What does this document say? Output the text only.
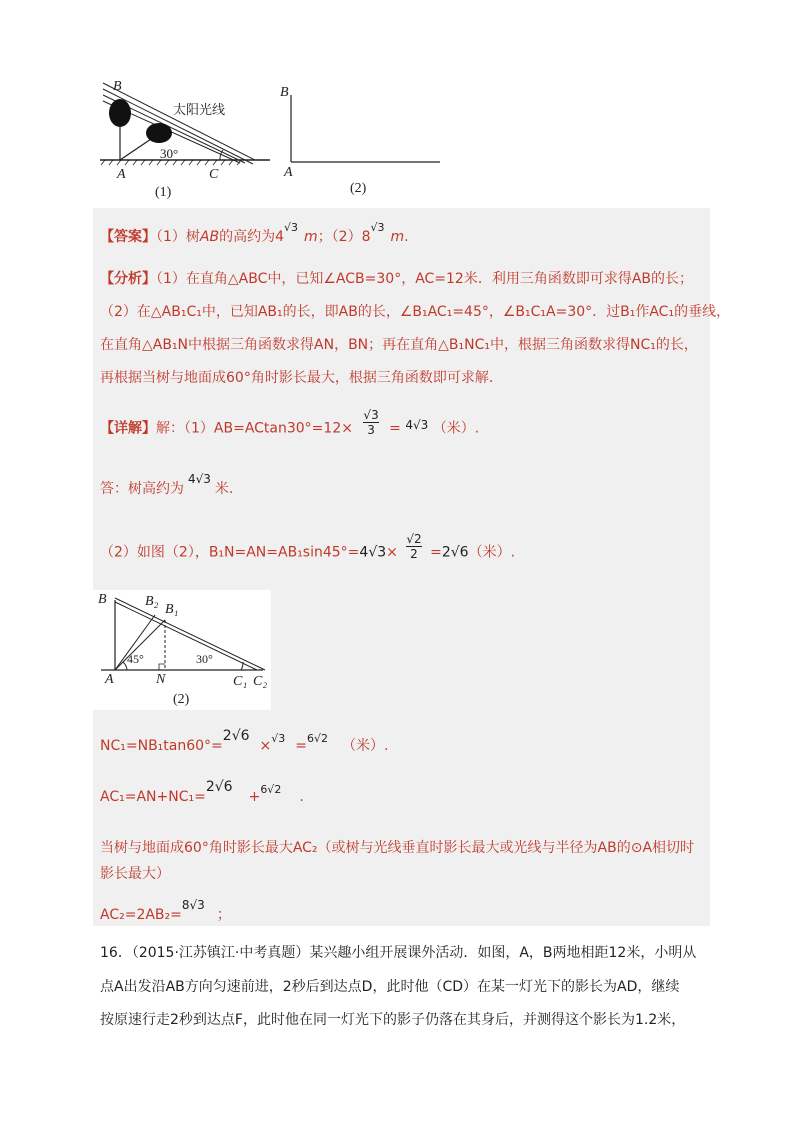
B
太阳光线
30°
A	C
(1)
B
A
(2)
【答案】（1）树AB的高约为$4^{√3}m$；$(2)8^{√3}m$.
【分析】（1）在直角△ABC中，已知∠ACB=30°，AC=12米．利用三角函数即可求得AB的长；
（2）在△AB₁C₁中，已知AB₁的长，即AB的长，∠B₁AC₁=45°，∠B₁C₁A=30°．过B₁作AC₁的垂线，
在直角△AB₁N中根据三角函数求得AN，BN；再在直角△B₁NC₁中，根据三角函数求得NC₁的长，
再根据当树与地面成60°角时影长最大，根据三角函数即可求解.
【详解】解：$(1)AB=ACtan30^\circ=12\times \frac{√3}{3} = 4√3$ （米）.
答：树高约为4√3米.
（2）如图（2），$B_1N=AN=AB_1\sin 45^\circ=4√3\times \frac{√2}{2} =2√6$（米）.
B	B₂
B₁
45°	30°
A	N	C₁ C₂
(2)
NC₁=NB₁tan60°=2√6×$^{√3}$ =$^{6√2}$ （米）.
AC₁=AN+NC₁=2√6+$^{6√2}$ .
当树与地面成60°角时影长最大AC₂（或树与光线垂直时影长最大或光线与半径为AB的⊙A相切时
影长最大）
AC₂=2AB₂=8√3；
16．（2015·江苏镇江·中考真题）某兴趣小组开展课外活动．如图，A，B两地相距12米，小明从
点A出发沿AB方向匀速前进，2秒后到达点D，此时他（CD）在某一灯光下的影长为AD，继续
按原速行走2秒到达点F，此时他在同一灯光下的影子仍落在其身后，并测得这个影长为1.2米，
